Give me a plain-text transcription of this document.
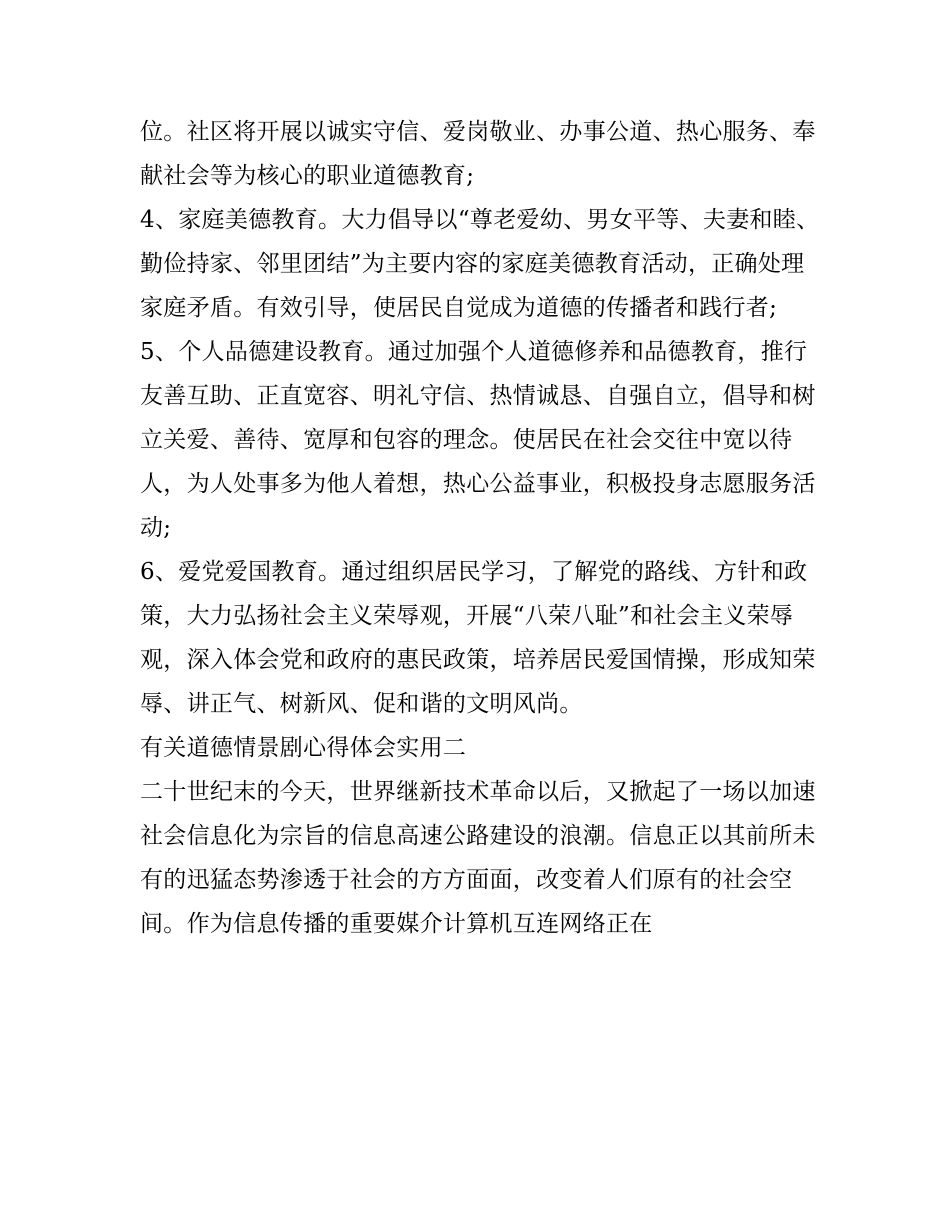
位。社区将开展以诚实守信、爱岗敬业、办事公道、热心服务、奉献社会等为核心的职业道德教育;

4、家庭美德教育。大力倡导以“尊老爱幼、男女平等、夫妻和睦、勤俭持家、邻里团结”为主要内容的家庭美德教育活动，正确处理家庭矛盾。有效引导，使居民自觉成为道德的传播者和践行者;

5、个人品德建设教育。通过加强个人道德修养和品德教育，推行友善互助、正直宽容、明礼守信、热情诚恳、自强自立，倡导和树立关爱、善待、宽厚和包容的理念。使居民在社会交往中宽以待人，为人处事多为他人着想，热心公益事业，积极投身志愿服务活动;

6、爱党爱国教育。通过组织居民学习，了解党的路线、方针和政策，大力弘扬社会主义荣辱观，开展“八荣八耻”和社会主义荣辱观，深入体会党和政府的惠民政策，培养居民爱国情操，形成知荣辱、讲正气、树新风、促和谐的文明风尚。

有关道德情景剧心得体会实用二

二十世纪末的今天，世界继新技术革命以后，又掀起了一场以加速社会信息化为宗旨的信息高速公路建设的浪潮。信息正以其前所未有的迅猛态势渗透于社会的方方面面，改变着人们原有的社会空间。作为信息传播的重要媒介计算机互连网络正在
